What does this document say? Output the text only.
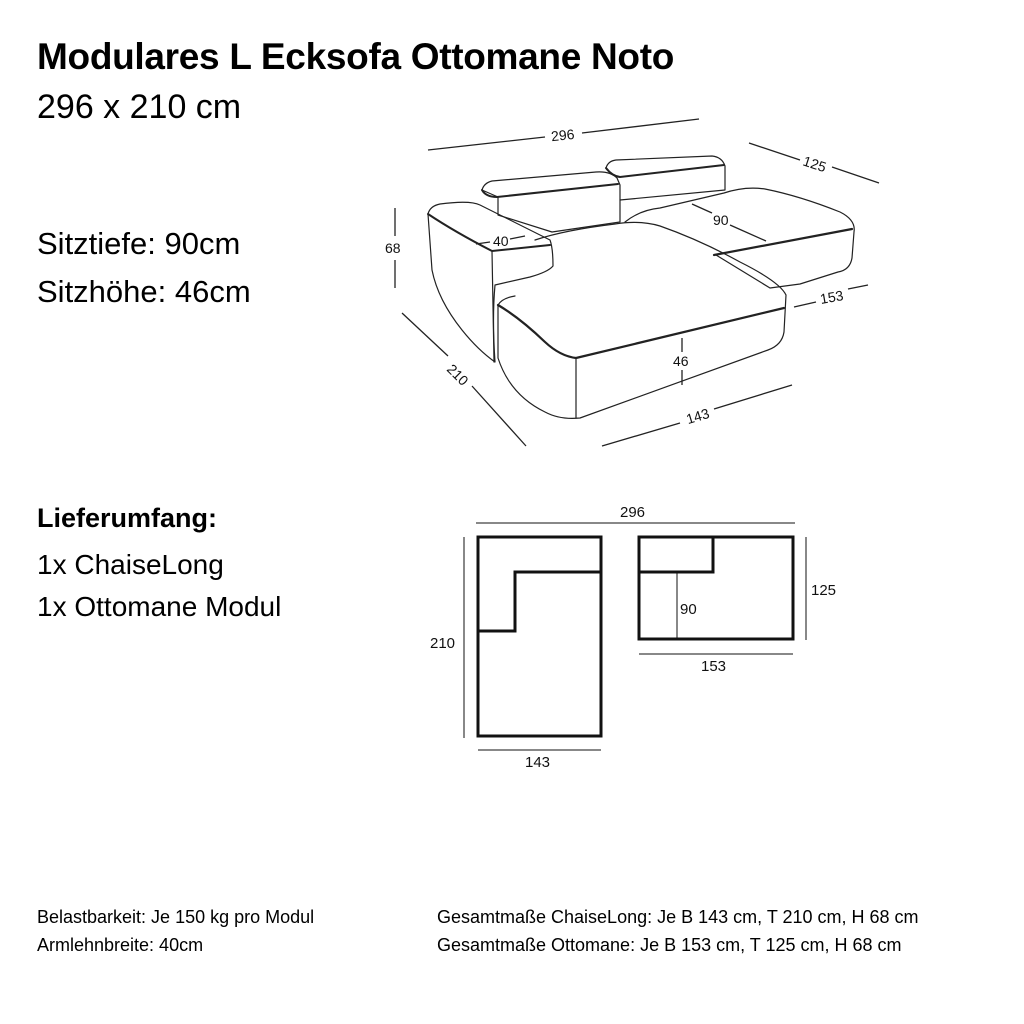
Modulares L Ecksofa Ottomane Noto
296 x 210 cm
Sitztiefe: 90cm
Sitzhöhe: 46cm
Lieferumfang:
1x ChaiseLong
1x Ottomane Modul
296
125
68	40
90
153
46
210
143
296
210
143
125
153
90
Belastbarkeit: Je 150 kg pro Modul
Armlehnbreite: 40cm
Gesamtmaße ChaiseLong: Je B 143 cm, T 210 cm, H 68 cm
Gesamtmaße Ottomane: Je B 153 cm, T 125 cm, H 68 cm
